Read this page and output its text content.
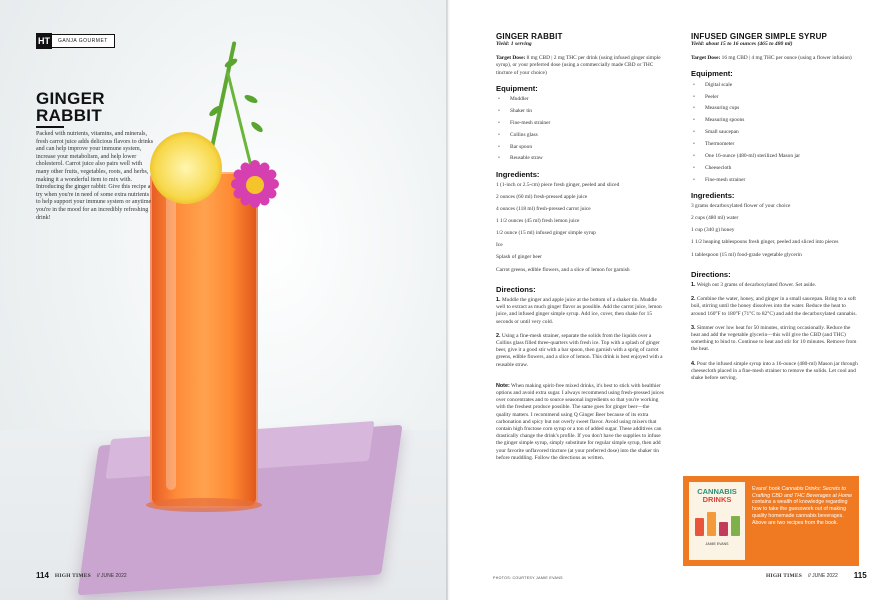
HT	GANJA GOURMET
GINGER
RABBIT

Packed with nutrients, vitamins, and minerals, fresh carrot juice adds delicious flavors to drinks and can help improve your immune system, increase your metabolism, and help lower cholesterol. Carrot juice also pairs well with many other fruits, vegetables, roots, and herbs, making it a wonderful item to mix with. Introducing the ginger rabbit: Give this recipe a try when you're in need of some extra nutrients to help support your immune system or anytime you're in the mood for an incredibly refreshing drink!

114 HIGH TIMES // JUNE 2022
GINGER RABBIT
Yield: 1 serving

Target Dose: 8 mg CBD | 2 mg THC per drink (using infused ginger simple syrup), or your preferred dose (using a commercially made CBD or THC tincture of your choice)

Equipment:
• Muddler
• Shaker tin
• Fine-mesh strainer
• Collins glass
• Bar spoon
• Reusable straw
Ingredients:
1 (1-inch or 2.5-cm) piece fresh ginger, peeled and sliced
2 ounces (60 ml) fresh-pressed apple juice
4 ounces (118 ml) fresh-pressed carrot juice
1 1/2 ounces (45 ml) fresh lemon juice
1/2 ounce (15 ml) infused ginger simple syrup
Ice
Splash of ginger beer
Carrot greens, edible flowers, and a slice of lemon for garnish
Directions:

1. Muddle the ginger and apple juice at the bottom of a shaker tin. Muddle well to extract as much ginger flavor as possible. Add the carrot juice, lemon juice, and infused ginger simple syrup. Add ice, cover, then shake for 15 seconds or until very cold.

2. Using a fine-mesh strainer, separate the solids from the liquids over a Collins glass filled three-quarters with fresh ice. Top with a splash of ginger beer, give it a good stir with a bar spoon, then garnish with a sprig of carrot greens, edible flowers, and a slice of lemon. This drink is best enjoyed with a reusable straw.

Note: When making spirit-free mixed drinks, it's best to stick with healthier options and avoid extra sugar. I always recommend using fresh-pressed juices over concentrates and to source seasonal ingredients so that you're working with the freshest produce possible. The same goes for ginger beer—the quality matters. I recommend using Q Ginger Beer because of its extra carbonation and spicy but not overly sweet flavor. Avoid using mixers that contain high fructose corn syrup or a ton of added sugar. These additives can drastically change the drink's profile. If you don't have the supplies to infuse the ginger simple syrup, simply substitute for regular simple syrup, then add your favorite unflavored tincture (at your preferred dose) into the shaker tin before muddling. Follow the directions as written.

INFUSED GINGER SIMPLE SYRUP
Yield: about 15 to 16 ounces (465 to 480 ml)

Target Dose: 16 mg CBD | 4 mg THC per ounce (using a flower infusion)

Equipment:
• Digital scale
• Peeler
• Measuring cups
• Measuring spoons
• Small saucepan
• Thermometer
• One 16-ounce (480-ml) sterilized Mason jar
• Cheesecloth
• Fine-mesh strainer
Ingredients:
3 grams decarboxylated flower of your choice
2 cups (480 ml) water
1 cup (340 g) honey
1 1/2 heaping tablespoons fresh ginger, peeled and sliced into pieces
1 tablespoon (15 ml) food-grade vegetable glycerin
Directions:

1. Weigh out 3 grams of decarboxylated flower. Set aside.

2. Combine the water, honey, and ginger in a small saucepan. Bring to a soft boil, stirring until the honey dissolves into the water. Reduce the heat to around 160°F to 180°F (71°C to 82°C) and add the decarboxylated cannabis.

3. Simmer over low heat for 50 minutes, stirring occasionally. Reduce the heat and add the vegetable glycerin—this will give the CBD (and THC) something to bind to. Continue to heat and stir for 10 minutes. Remove from the heat.

4. Pour the infused simple syrup into a 16-ounce (480-ml) Mason jar through cheesecloth placed in a fine-mesh strainer to remove the solids. Let cool and shake before serving.

CANNABIS
DRINKS
JAMIE EVANS
Evans' book Cannabis Drinks: Secrets to Crafting CBD and THC Beverages at Home contains a wealth of knowledge regarding how to take the guesswork out of making quality homemade cannabis beverages. Above are two recipes from the book.
PHOTOS: COURTESY JAMIE EVANS	HIGH TIMES // JUNE 2022 115
